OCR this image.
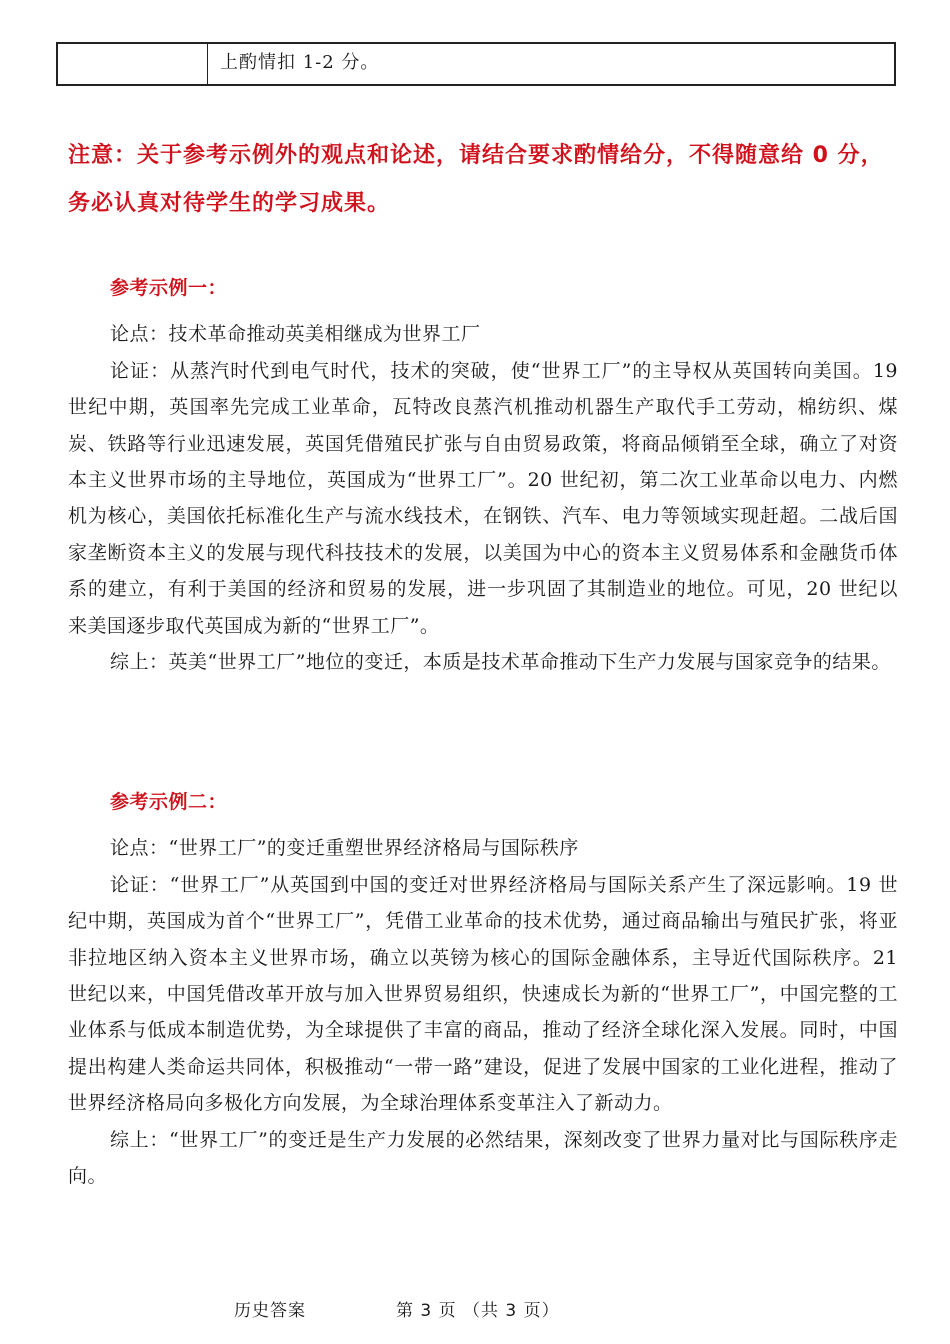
上酌情扣 1-2 分。
注意：关于参考示例外的观点和论述，请结合要求酌情给分，不得随意给 0 分，务必认真对待学生的学习成果。

参考示例一：

论点：技术革命推动英美相继成为世界工厂

论证：从蒸汽时代到电气时代，技术的突破，使“世界工厂”的主导权从英国转向美国。19 世纪中期，英国率先完成工业革命，瓦特改良蒸汽机推动机器生产取代手工劳动，棉纺织、煤炭、铁路等行业迅速发展，英国凭借殖民扩张与自由贸易政策，将商品倾销至全球，确立了对资本主义世界市场的主导地位，英国成为“世界工厂”。20 世纪初，第二次工业革命以电力、内燃机为核心，美国依托标准化生产与流水线技术，在钢铁、汽车、电力等领域实现赶超。二战后国家垄断资本主义的发展与现代科技技术的发展，以美国为中心的资本主义贸易体系和金融货币体系的建立，有利于美国的经济和贸易的发展，进一步巩固了其制造业的地位。可见，20 世纪以来美国逐步取代英国成为新的“世界工厂”。

综上：英美“世界工厂”地位的变迁，本质是技术革命推动下生产力发展与国家竞争的结果。

参考示例二：

论点：“世界工厂”的变迁重塑世界经济格局与国际秩序

论证：“世界工厂”从英国到中国的变迁对世界经济格局与国际关系产生了深远影响。19 世纪中期，英国成为首个“世界工厂”，凭借工业革命的技术优势，通过商品输出与殖民扩张，将亚非拉地区纳入资本主义世界市场，确立以英镑为核心的国际金融体系，主导近代国际秩序。21 世纪以来，中国凭借改革开放与加入世界贸易组织，快速成长为新的“世界工厂”，中国完整的工业体系与低成本制造优势，为全球提供了丰富的商品，推动了经济全球化深入发展。同时，中国提出构建人类命运共同体，积极推动“一带一路”建设，促进了发展中国家的工业化进程，推动了世界经济格局向多极化方向发展，为全球治理体系变革注入了新动力。

综上：“世界工厂”的变迁是生产力发展的必然结果，深刻改变了世界力量对比与国际秩序走向。

历史答案	第 3 页 （共 3 页）
